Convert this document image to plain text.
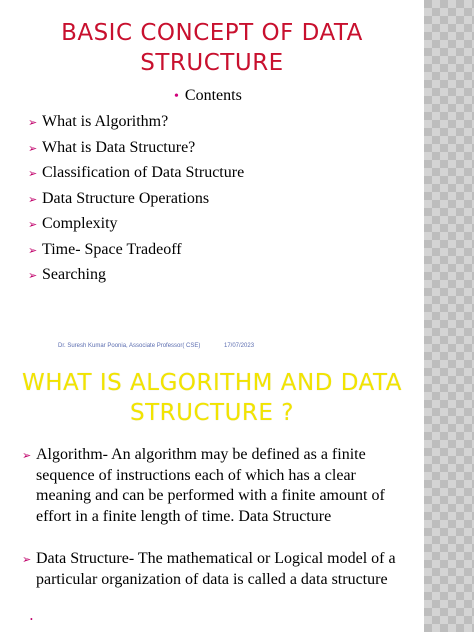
BASIC CONCEPT OF DATA
STRUCTURE
• Contents
➢ What is Algorithm?
➢ What is Data Structure?
➢ Classification of Data Structure
➢ Data Structure Operations
➢ Complexity
➢ Time- Space Tradeoff
➢ Searching
Dr. Suresh Kumar Poonia, Associate Professor( CSE)	17/07/2023
WHAT IS ALGORITHM AND DATA
STRUCTURE ?
➢ Algorithm- An algorithm may be defined as a finite sequence of instructions each of which has a clear meaning and can be performed with a finite amount of effort in a finite length of time. Data Structure
➢ Data Structure- The mathematical or Logical model of a particular organization of data is called a data structure
•
